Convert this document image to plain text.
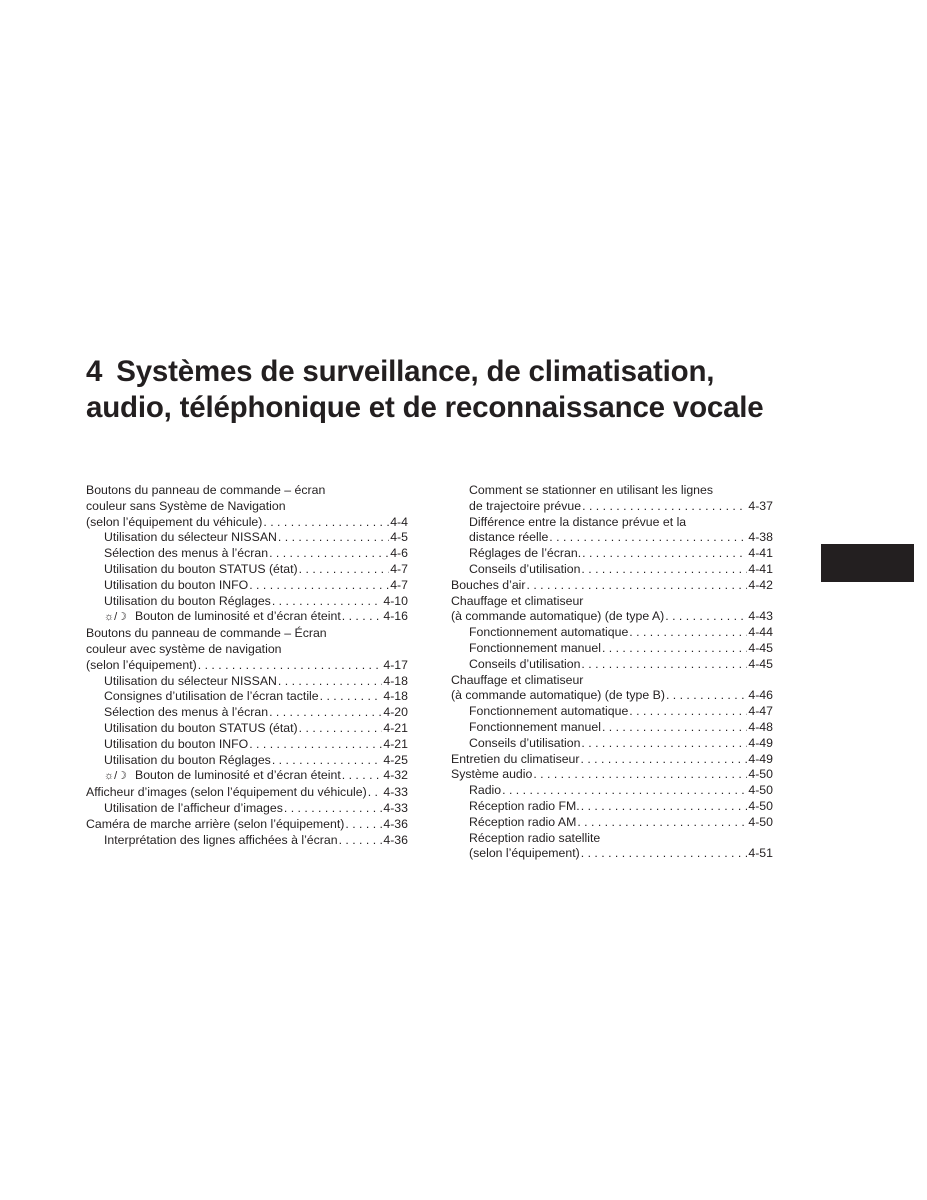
4 Systèmes de surveillance, de climatisation,
audio, téléphonique et de reconnaissance vocale
Boutons du panneau de commande – écran
couleur sans Système de Navigation
(selon l’équipement du véhicule) . . .	4-4
Utilisation du sélecteur NISSAN . . .	4-5
Sélection des menus à l’écran . . .	4-6
Utilisation du bouton STATUS (état) . . .	4-7
Utilisation du bouton INFO . . .	4-7
Utilisation du bouton Réglages . . .	4-10
☼/☽ Bouton de luminosité et d’écran éteint . . .	4-16
Boutons du panneau de commande – Écran
couleur avec système de navigation
(selon l’équipement) . . .	4-17
Utilisation du sélecteur NISSAN . . .	4-18
Consignes d’utilisation de l’écran tactile . . .	4-18
Sélection des menus à l’écran . . .	4-20
Utilisation du bouton STATUS (état) . . .	4-21
Utilisation du bouton INFO . . .	4-21
Utilisation du bouton Réglages . . .	4-25
☼/☽ Bouton de luminosité et d’écran éteint . . .	4-32
Afficheur d’images (selon l’équipement du véhicule) . . . 4-33
Utilisation de l’afficheur d’images . . .	4-33
Caméra de marche arrière (selon l’équipement) . . .	4-36
Interprétation des lignes affichées à l’écran . . .	4-36
Comment se stationner en utilisant les lignes
de trajectoire prévue . . .	4-37
Différence entre la distance prévue et la
distance réelle . . .	4-38
Réglages de l’écran. . . .	4-41
Conseils d’utilisation . . .	4-41
Bouches d’air . . .	4-42
Chauffage et climatiseur
(à commande automatique) (de type A) . . .	4-43
Fonctionnement automatique . . .	4-44
Fonctionnement manuel . . .	4-45
Conseils d’utilisation . . .	4-45
Chauffage et climatiseur
(à commande automatique) (de type B) . . .	4-46
Fonctionnement automatique . . .	4-47
Fonctionnement manuel . . .	4-48
Conseils d’utilisation . . .	4-49
Entretien du climatiseur . . .	4-49
Système audio . . .	4-50
Radio . . .	4-50
Réception radio FM. . . .	4-50
Réception radio AM . . .	4-50
Réception radio satellite
(selon l’équipement) . . .	4-51
